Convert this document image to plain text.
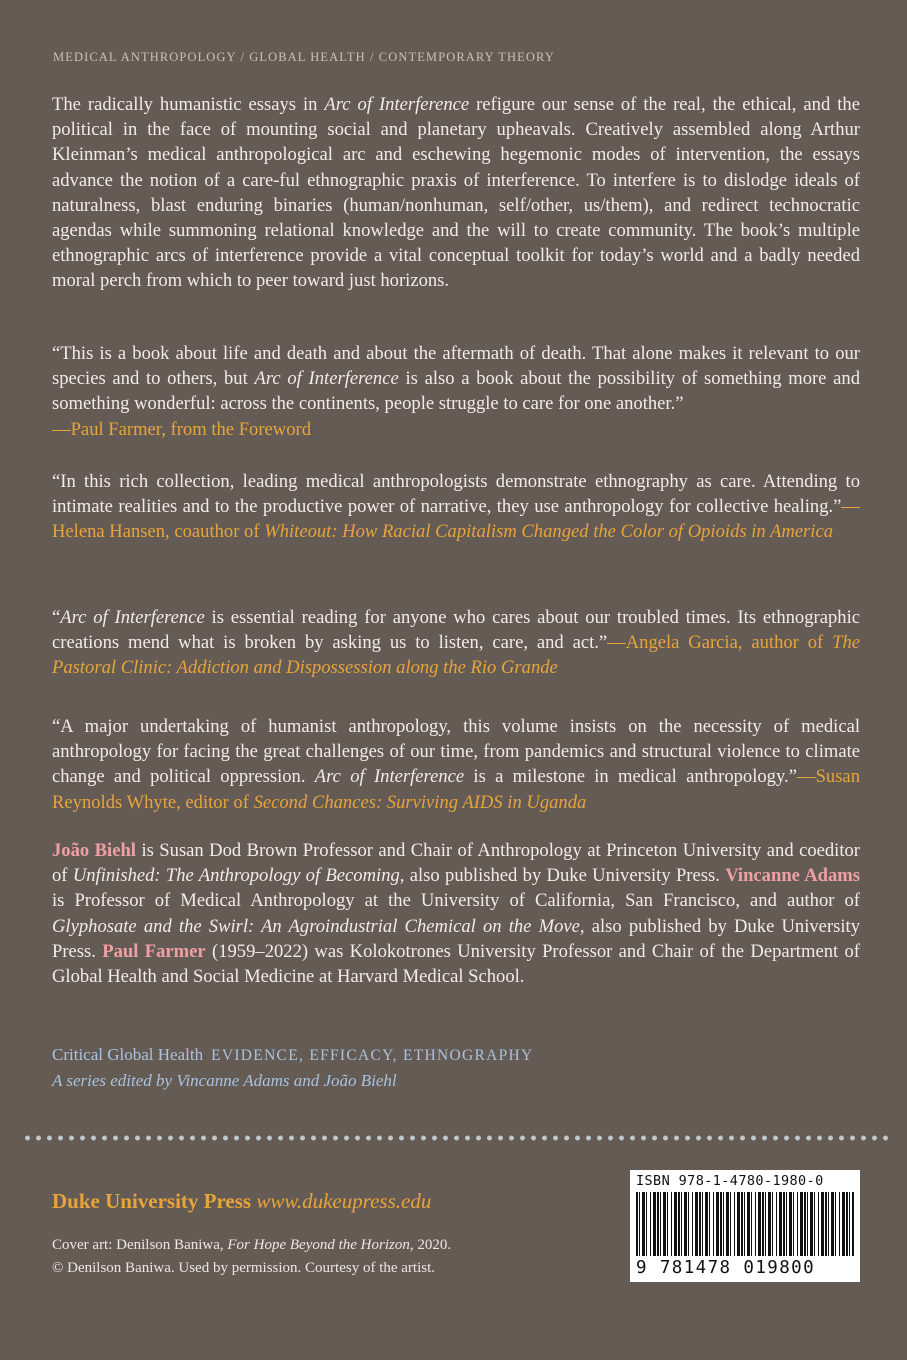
MEDICAL ANTHROPOLOGY / GLOBAL HEALTH / CONTEMPORARY THEORY

The radically humanistic essays in Arc of Interference refigure our sense of the real, the ethical, and the political in the face of mounting social and planetary upheavals. Creatively assembled along Arthur Kleinman’s medical anthropological arc and eschewing hegemonic modes of intervention, the essays advance the notion of a care-ful ethnographic praxis of interference. To interfere is to dislodge ideals of naturalness, blast enduring binaries (human/nonhuman, self/other, us/them), and redirect technocratic agendas while summoning relational knowledge and the will to create community. The book’s multiple ethnographic arcs of interference provide a vital conceptual toolkit for today’s world and a badly needed moral perch from which to peer toward just horizons.

“This is a book about life and death and about the aftermath of death. That alone makes it relevant to our species and to others, but Arc of Interference is also a book about the possibility of something more and something wonderful: across the continents, people struggle to care for one another.”
—Paul Farmer, from the Foreword

“In this rich collection, leading medical anthropologists demonstrate ethnography as care. Attending to intimate realities and to the productive power of narrative, they use anthropology for collective healing.”—Helena Hansen, coauthor of Whiteout: How Racial Capitalism Changed the Color of Opioids in America

“Arc of Interference is essential reading for anyone who cares about our troubled times. Its ethnographic creations mend what is broken by asking us to listen, care, and act.”—Angela Garcia, author of The Pastoral Clinic: Addiction and Dispossession along the Rio Grande

“A major undertaking of humanist anthropology, this volume insists on the necessity of medical anthropology for facing the great challenges of our time, from pandemics and structural violence to climate change and political oppression. Arc of Interference is a milestone in medical anthropology.”—Susan Reynolds Whyte, editor of Second Chances: Surviving AIDS in Uganda

João Biehl is Susan Dod Brown Professor and Chair of Anthropology at Princeton University and coeditor of Unfinished: The Anthropology of Becoming, also published by Duke University Press. Vincanne Adams is Professor of Medical Anthropology at the University of California, San Francisco, and author of Glyphosate and the Swirl: An Agroindustrial Chemical on the Move, also published by Duke University Press. Paul Farmer (1959–2022) was Kolokotrones University Professor and Chair of the Department of Global Health and Social Medicine at Harvard Medical School.

Critical Global Health EVIDENCE, EFFICACY, ETHNOGRAPHY
A series edited by Vincanne Adams and João Biehl
Duke University Press www.dukeupress.edu
Cover art: Denilson Baniwa, For Hope Beyond the Horizon, 2020.
© Denilson Baniwa. Used by permission. Courtesy of the artist.
ISBN 978-1-4780-1980-0
9 781478 019800
